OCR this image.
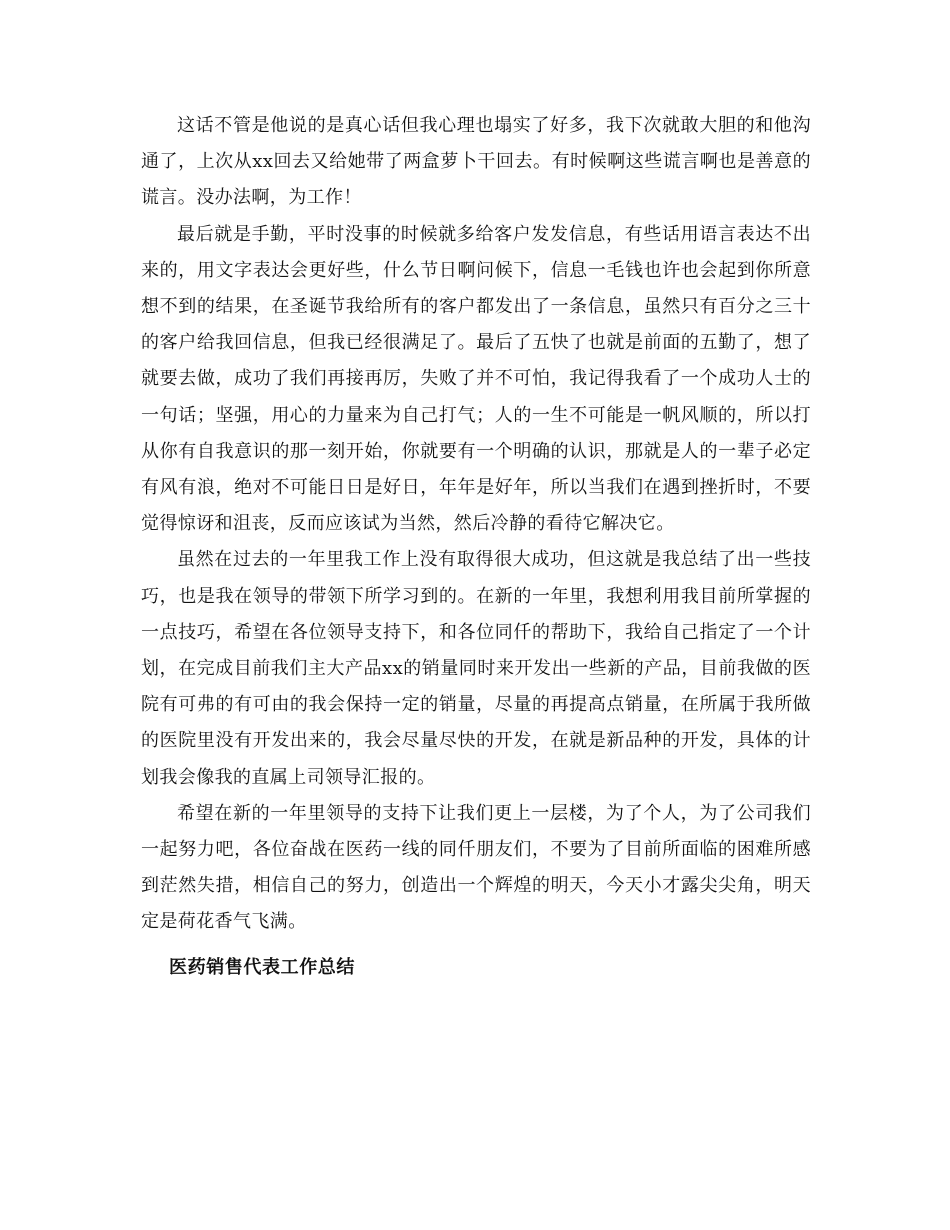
这话不管是他说的是真心话但我心理也塌实了好多，我下次就敢大胆的和他沟通了，上次从xx回去又给她带了两盒萝卜干回去。有时候啊这些谎言啊也是善意的谎言。没办法啊，为工作！

最后就是手勤，平时没事的时候就多给客户发发信息，有些话用语言表达不出来的，用文字表达会更好些，什么节日啊问候下，信息一毛钱也许也会起到你所意想不到的结果，在圣诞节我给所有的客户都发出了一条信息，虽然只有百分之三十的客户给我回信息，但我已经很满足了。最后了五快了也就是前面的五勤了，想了就要去做，成功了我们再接再厉，失败了并不可怕，我记得我看了一个成功人士的一句话；坚强，用心的力量来为自己打气；人的一生不可能是一帆风顺的，所以打从你有自我意识的那一刻开始，你就要有一个明确的认识，那就是人的一辈子必定有风有浪，绝对不可能日日是好日，年年是好年，所以当我们在遇到挫折时，不要觉得惊讶和沮丧，反而应该试为当然，然后冷静的看待它解决它。

虽然在过去的一年里我工作上没有取得很大成功，但这就是我总结了出一些技巧，也是我在领导的带领下所学习到的。在新的一年里，我想利用我目前所掌握的一点技巧，希望在各位领导支持下，和各位同仟的帮助下，我给自己指定了一个计划，在完成目前我们主大产品xx的销量同时来开发出一些新的产品，目前我做的医院有可弗的有可由的我会保持一定的销量，尽量的再提高点销量，在所属于我所做的医院里没有开发出来的，我会尽量尽快的开发，在就是新品种的开发，具体的计划我会像我的直属上司领导汇报的。

希望在新的一年里领导的支持下让我们更上一层楼，为了个人，为了公司我们一起努力吧，各位奋战在医药一线的同仟朋友们，不要为了目前所面临的困难所感到茫然失措，相信自己的努力，创造出一个辉煌的明天，今天小才露尖尖角，明天定是荷花香气飞满。

医药销售代表工作总结
